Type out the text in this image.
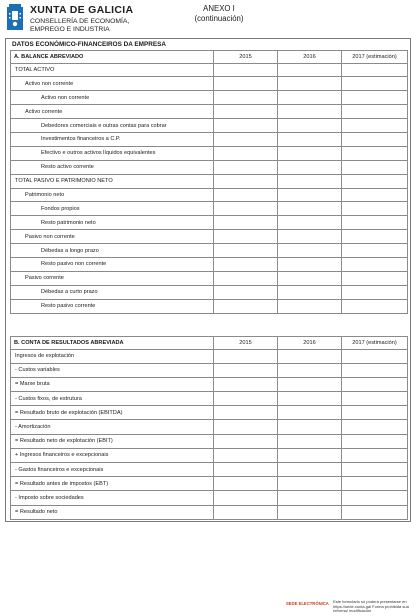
XUNTA DE GALICIA
CONSELLERÍA DE ECONOMÍA,
EMPREGO E INDUSTRIA
ANEXO I
(continuación)
DATOS ECONÓMICO-FINANCEIROS DA EMPRESA
A. BALANCE ABREVIADO	2015	2016	2017 (estimación)
TOTAL ACTIVO			
Activo non corrente			
Activo non corrente			
Activo corrente			
Debedores comerciais e outras contas para cobrar			
Investimentos financeiros a C.P.			
Efectivo e outros activos líquidos equivalentes			
Resto activo corrente			
TOTAL PASIVO E PATRIMONIO NETO			
Patrimonio neto			
Fondos propios			
Resto patrimonio neto			
Pasivo non corrente			
Débedas a longo prazo			
Resto pasivo non corrente			
Pasivo corrente			
Débedas a curto prazo			
Resto pasivo corrente			
B. CONTA DE RESULTADOS ABREVIADA	2015	2016	2017 (estimación)
Ingresos de explotación			
- Custos variables			
= Marxe bruta			
- Custos fixos, de estrutura			
= Resultado bruto de explotación (EBITDA)			
- Amortización			
= Resultado neto de explotación (EBIT)			
+ Ingresos financeiros e excepcionais			
- Gastos financeiros e excepcionais			
= Resultado antes de impostos (EBT)			
- Imposto sobre sociedades			
= Resultado neto			
SEDE ELECTRÓNICA Este formulario só poderá presentarse en
https://sede.xunta.gal Forma prohibida súa reforma/ modificación
